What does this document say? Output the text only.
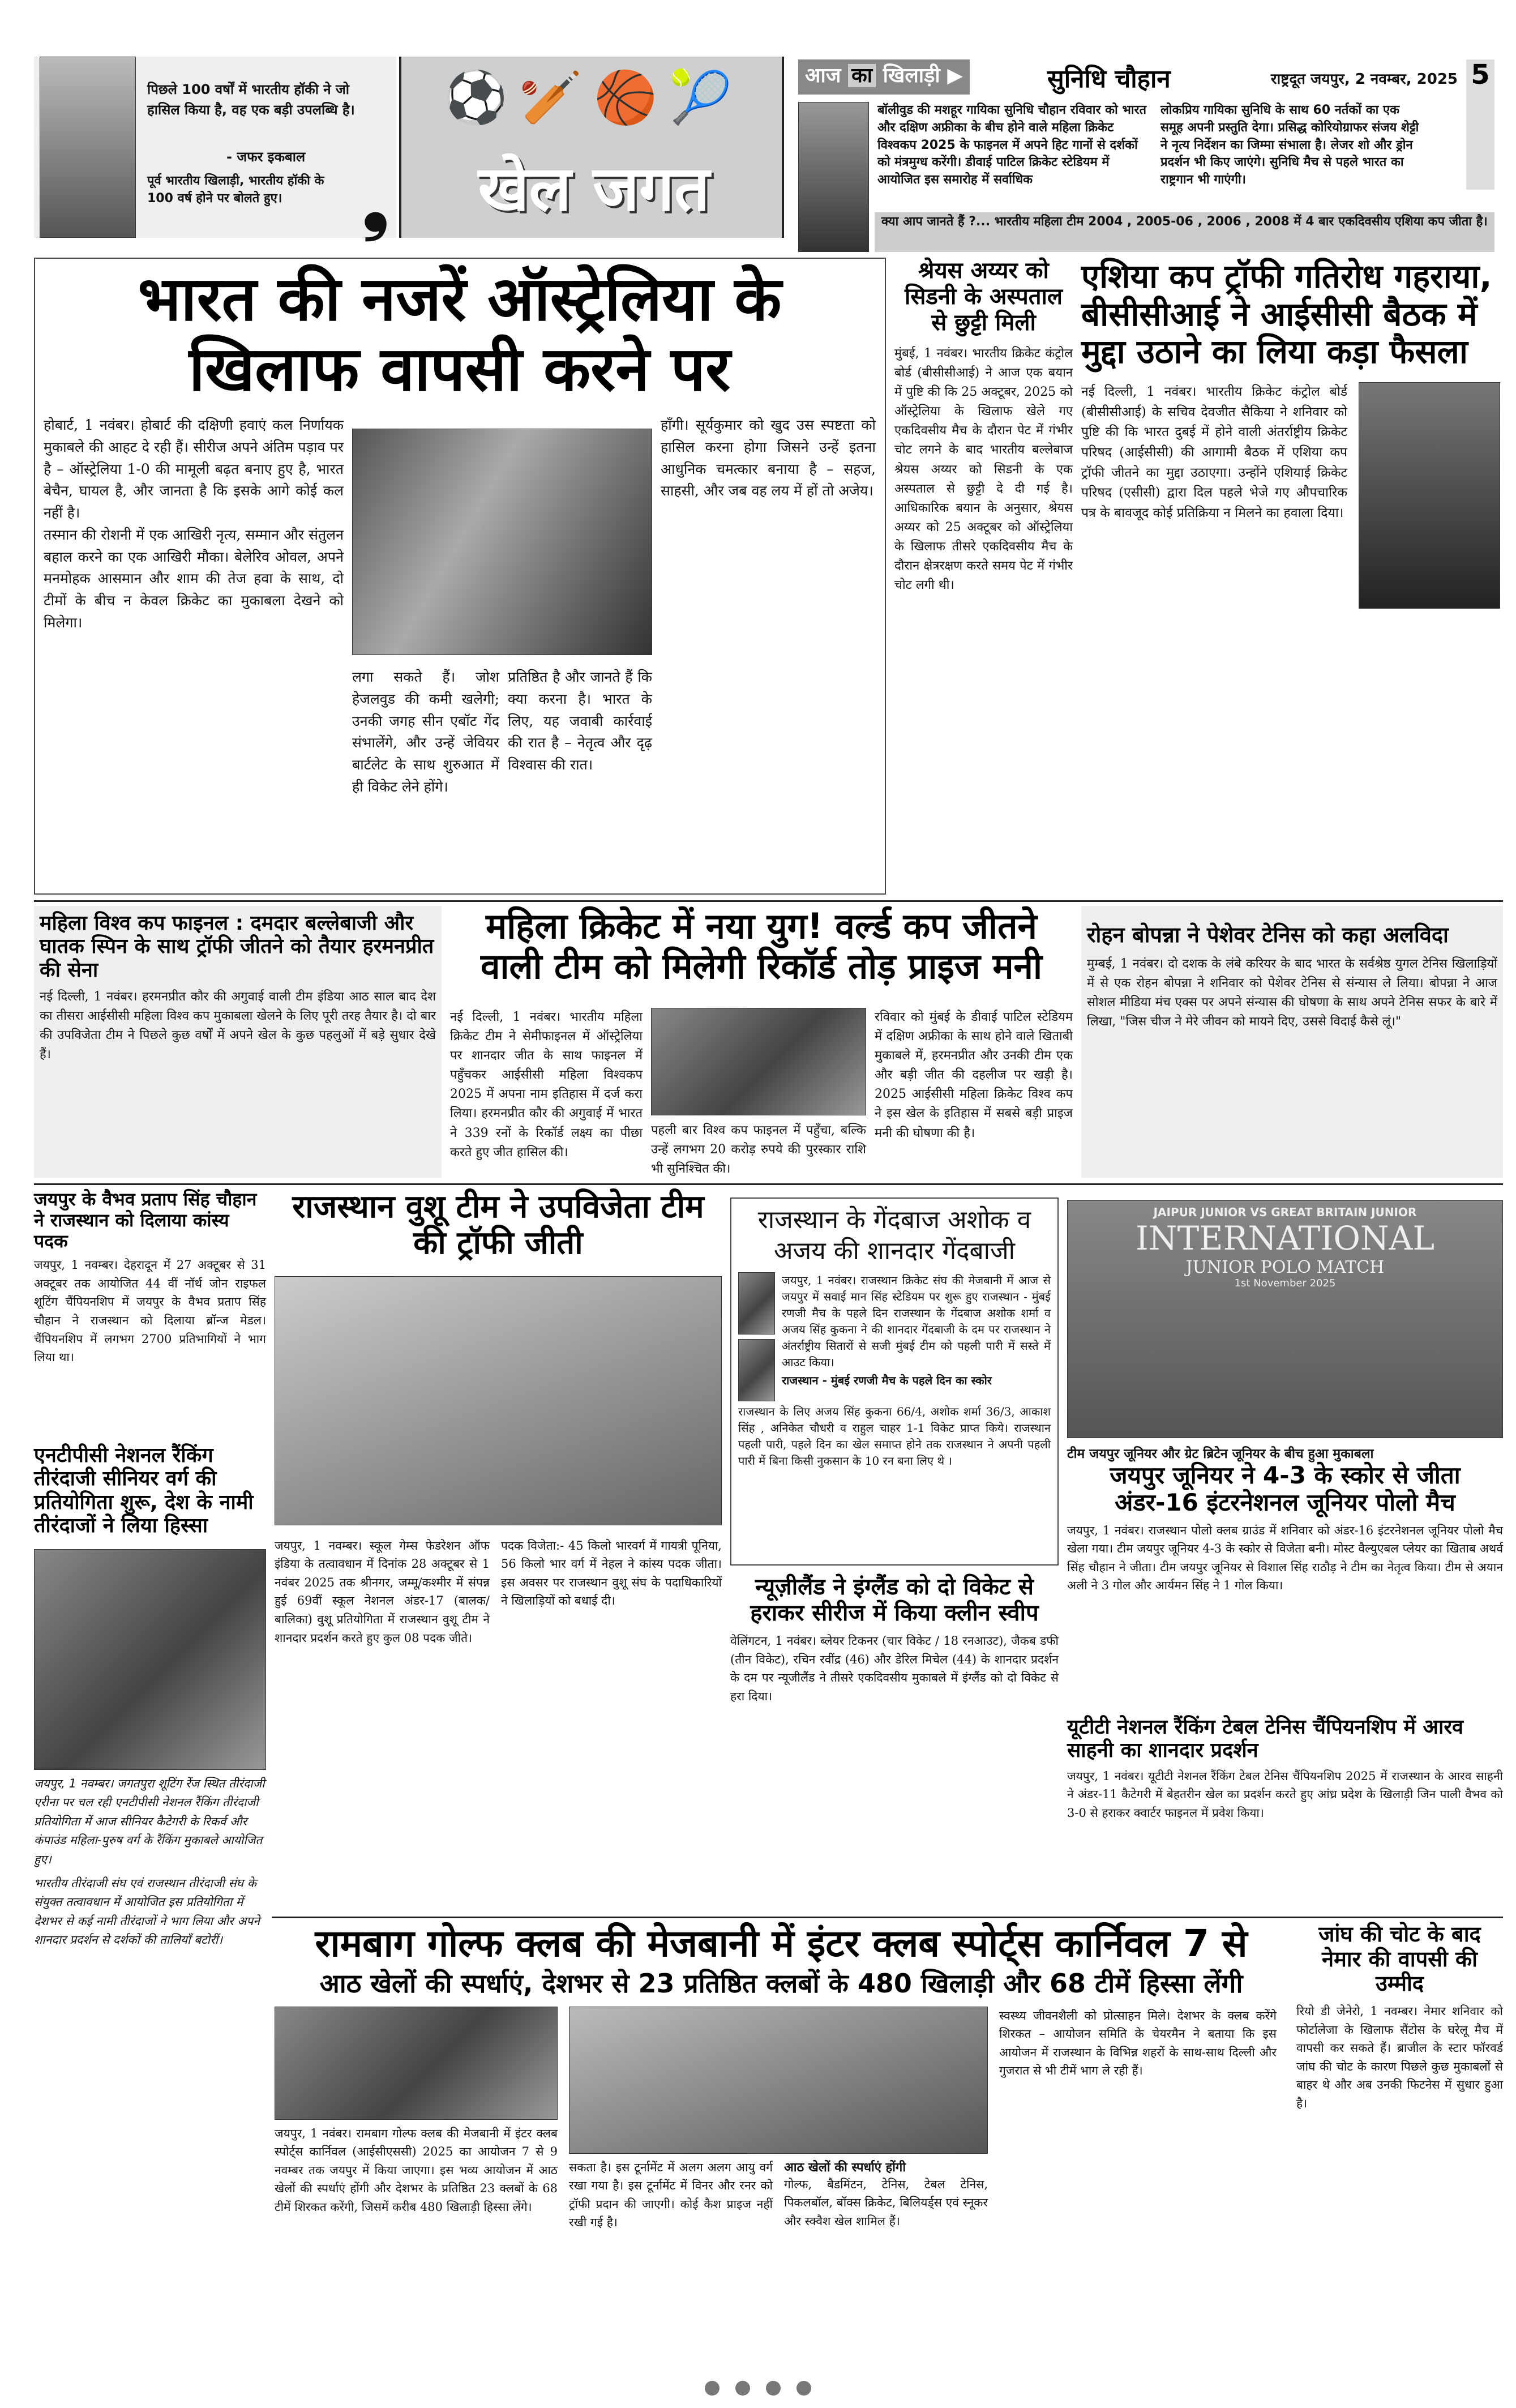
पिछले 100 वर्षों में भारतीय हॉकी ने जो हासिल किया है, वह एक बड़ी उपलब्धि है।
- जफर इकबाल
पूर्व भारतीय खिलाड़ी, भारतीय हॉकी के 100 वर्ष होने पर बोलते हुए।	❟
⚽🏏🏀🎾
खेल जगत
आज का खिलाड़ी ▶	सुनिधि चौहान	राष्ट्रदूत जयपुर, 2 नवम्बर, 2025 5
बॉलीवुड की मशहूर गायिका सुनिधि चौहान रविवार को भारत और दक्षिण अफ्रीका के बीच होने वाले महिला क्रिकेट विश्वकप 2025 के फाइनल में अपने हिट गानों से दर्शकों को मंत्रमुग्ध करेंगी। डीवाई पाटिल क्रिकेट स्टेडियम में आयोजित इस समारोह में सर्वाधिक
लोकप्रिय गायिका सुनिधि के साथ 60 नर्तकों का एक समूह अपनी प्रस्तुति देगा। प्रसिद्ध कोरियोग्राफर संजय शेट्टी ने नृत्य निर्देशन का जिम्मा संभाला है। लेजर शो और ड्रोन प्रदर्शन भी किए जाएंगे। सुनिधि मैच से पहले भारत का राष्ट्रगान भी गाएंगी।
क्या आप जानते हैं ?... भारतीय महिला टीम 2004 , 2005-06 , 2006 , 2008 में 4 बार एकदिवसीय एशिया कप जीता है।
भारत की नजरें ऑस्ट्रेलिया के खिलाफ वापसी करने पर

होबार्ट, 1 नवंबर। होबार्ट की दक्षिणी हवाएं कल निर्णायक मुकाबले की आहट दे रही हैं। सीरीज अपने अंतिम पड़ाव पर है – ऑस्ट्रेलिया 1-0 की मामूली बढ़त बनाए हुए है, भारत बेचैन, घायल है, और जानता है कि इसके आगे कोई कल नहीं है।

तस्मान की रोशनी में एक आखिरी नृत्य, सम्मान और संतुलन बहाल करने का एक आखिरी मौका। बेलेरिव ओवल, अपने मनमोहक आसमान और शाम की तेज हवा के साथ, दो टीमों के बीच न केवल क्रिकेट का मुकाबला देखने को मिलेगा।

हाँगी। सूर्यकुमार को खुद उस स्पष्टता को हासिल करना होगा जिसने उन्हें इतना आधुनिक चमत्कार बनाया है – सहज, साहसी, और जब वह लय में हों तो अजेय।
लगा सकते हैं। जोश हेजलवुड की कमी खलेगी; उनकी जगह सीन एबॉट गेंद संभालेंगे, और उन्हें जेवियर बार्टलेट के साथ शुरुआत में ही विकेट लेने होंगे।
प्रतिष्ठित है और जानते हैं कि क्या करना है। भारत के लिए, यह जवाबी कार्रवाई की रात है – नेतृत्व और दृढ़ विश्वास की रात।
श्रेयस अय्यर को सिडनी के अस्पताल से छुट्टी मिली
मुंबई, 1 नवंबर। भारतीय क्रिकेट कंट्रोल बोर्ड (बीसीसीआई) ने आज एक बयान में पुष्टि की कि 25 अक्टूबर, 2025 को ऑस्ट्रेलिया के खिलाफ खेले गए एकदिवसीय मैच के दौरान पेट में गंभीर चोट लगने के बाद भारतीय बल्लेबाज श्रेयस अय्यर को सिडनी के एक अस्पताल से छुट्टी दे दी गई है। आधिकारिक बयान के अनुसार, श्रेयस अय्यर को 25 अक्टूबर को ऑस्ट्रेलिया के खिलाफ तीसरे एकदिवसीय मैच के दौरान क्षेत्ररक्षण करते समय पेट में गंभीर चोट लगी थी।
एशिया कप ट्रॉफी गतिरोध गहराया, बीसीसीआई ने आईसीसी बैठक में मुद्दा उठाने का लिया कड़ा फैसला
नई दिल्ली, 1 नवंबर। भारतीय क्रिकेट कंट्रोल बोर्ड (बीसीसीआई) के सचिव देवजीत सैकिया ने शनिवार को पुष्टि की कि भारत दुबई में होने वाली अंतर्राष्ट्रीय क्रिकेट परिषद (आईसीसी) की आगामी बैठक में एशिया कप ट्रॉफी जीतने का मुद्दा उठाएगा। उन्होंने एशियाई क्रिकेट परिषद (एसीसी) द्वारा दिल पहले भेजे गए औपचारिक पत्र के बावजूद कोई प्रतिक्रिया न मिलने का हवाला दिया।
महिला विश्व कप फाइनल : दमदार बल्लेबाजी और घातक स्पिन के साथ ट्रॉफी जीतने को तैयार हरमनप्रीत की सेना
नई दिल्ली, 1 नवंबर। हरमनप्रीत कौर की अगुवाई वाली टीम इंडिया आठ साल बाद देश का तीसरा आईसीसी महिला विश्व कप मुकाबला खेलने के लिए पूरी तरह तैयार है। दो बार की उपविजेता टीम ने पिछले कुछ वर्षों में अपने खेल के कुछ पहलुओं में बड़े सुधार देखे हैं।
महिला क्रिकेट में नया युग! वर्ल्ड कप जीतने वाली टीम को मिलेगी रिकॉर्ड तोड़ प्राइज मनी
नई दिल्ली, 1 नवंबर। भारतीय महिला क्रिकेट टीम ने सेमीफाइनल में ऑस्ट्रेलिया पर शानदार जीत के साथ फाइनल में पहुँचकर आईसीसी महिला विश्वकप 2025 में अपना नाम इतिहास में दर्ज करा लिया। हरमनप्रीत कौर की अगुवाई में भारत ने 339 रनों के रिकॉर्ड लक्ष्य का पीछा करते हुए जीत हासिल की।
पहली बार विश्व कप फाइनल में पहुँचा, बल्कि उन्हें लगभग 20 करोड़ रुपये की पुरस्कार राशि भी सुनिश्चित की।
रविवार को मुंबई के डीवाई पाटिल स्टेडियम में दक्षिण अफ्रीका के साथ होने वाले खिताबी मुकाबले में, हरमनप्रीत और उनकी टीम एक और बड़ी जीत की दहलीज पर खड़ी है। 2025 आईसीसी महिला क्रिकेट विश्व कप ने इस खेल के इतिहास में सबसे बड़ी प्राइज मनी की घोषणा की है।
रोहन बोपन्ना ने पेशेवर टेनिस को कहा अलविदा
मुम्बई, 1 नवंबर। दो दशक के लंबे करियर के बाद भारत के सर्वश्रेष्ठ युगल टेनिस खिलाड़ियों में से एक रोहन बोपन्ना ने शनिवार को पेशेवर टेनिस से संन्यास ले लिया। बोपन्ना ने आज सोशल मीडिया मंच एक्स पर अपने संन्यास की घोषणा के साथ अपने टेनिस सफर के बारे में लिखा, "जिस चीज ने मेरे जीवन को मायने दिए, उससे विदाई कैसे लूं।"
जयपुर के वैभव प्रताप सिंह चौहान ने राजस्थान को दिलाया कांस्य पदक
जयपुर, 1 नवम्बर। देहरादून में 27 अक्टूबर से 31 अक्टूबर तक आयोजित 44 वीं नॉर्थ जोन राइफल शूटिंग चैंपियनशिप में जयपुर के वैभव प्रताप सिंह चौहान ने राजस्थान को दिलाया ब्रॉन्ज मेडल। चैंपियनशिप में लगभग 2700 प्रतिभागियों ने भाग लिया था।
एनटीपीसी नेशनल रैंकिंग तीरंदाजी सीनियर वर्ग की प्रतियोगिता शुरू, देश के नामी तीरंदाजों ने लिया हिस्सा
जयपुर, 1 नवम्बर। जगतपुरा शूटिंग रेंज स्थित तीरंदाजी एरीना पर चल रही एनटीपीसी नेशनल रैंकिंग तीरंदाजी प्रतियोगिता में आज सीनियर कैटेगरी के रिकर्व और कंपाउंड महिला-पुरुष वर्ग के रैंकिंग मुकाबले आयोजित हुए।
भारतीय तीरंदाजी संघ एवं राजस्थान तीरंदाजी संघ के संयुक्त तत्वावधान में आयोजित इस प्रतियोगिता में देशभर से कई नामी तीरंदाजों ने भाग लिया और अपने शानदार प्रदर्शन से दर्शकों की तालियाँ बटोरीं।
राजस्थान वुशू टीम ने उपविजेता टीम की ट्रॉफी जीती
जयपुर, 1 नवम्बर। स्कूल गेम्स फेडरेशन ऑफ इंडिया के तत्वावधान में दिनांक 28 अक्टूबर से 1 नवंबर 2025 तक श्रीनगर, जम्मू/कश्मीर में संपन्न हुई 69वीं स्कूल नेशनल अंडर-17 (बालक/बालिका) वुशू प्रतियोगिता में राजस्थान वुशू टीम ने शानदार प्रदर्शन करते हुए कुल 08 पदक जीते।
पदक विजेता:- 45 किलो भारवर्ग में गायत्री पूनिया, 56 किलो भार वर्ग में नेहल ने कांस्य पदक जीता। इस अवसर पर राजस्थान वुशू संघ के पदाधिकारियों ने खिलाड़ियों को बधाई दी।
राजस्थान के गेंदबाज अशोक व अजय की शानदार गेंदबाजी
जयपुर, 1 नवंबर। राजस्थान क्रिकेट संघ की मेजबानी में आज से जयपुर में सवाई मान सिंह स्टेडियम पर शुरू हुए राजस्थान - मुंबई रणजी मैच के पहले दिन राजस्थान के गेंदबाज अशोक शर्मा व अजय सिंह कुकना ने की शानदार गेंदबाजी के दम पर राजस्थान ने अंतर्राष्ट्रीय सितारों से सजी मुंबई टीम को पहली पारी में सस्ते में आउट किया।
राजस्थान - मुंबई रणजी मैच के पहले दिन का स्कोर
राजस्थान के लिए अजय सिंह कुकना 66/4, अशोक शर्मा 36/3, आकाश सिंह , अनिकेत चौधरी व राहुल चाहर 1-1 विकेट प्राप्त किये। राजस्थान पहली पारी, पहले दिन का खेल समाप्त होने तक राजस्थान ने अपनी पहली पारी में बिना किसी नुकसान के 10 रन बना लिए थे ।
न्यूज़ीलैंड ने इंग्लैंड को दो विकेट से हराकर सीरीज में किया क्लीन स्वीप
वेलिंगटन, 1 नवंबर। ब्लेयर टिकनर (चार विकेट / 18 रनआउट), जैकब डफी (तीन विकेट), रचिन रवींद्र (46) और डेरिल मिचेल (44) के शानदार प्रदर्शन के दम पर न्यूजीलैंड ने तीसरे एकदिवसीय मुकाबले में इंग्लैंड को दो विकेट से हरा दिया।
JAIPUR JUNIOR VS GREAT BRITAIN JUNIOR
INTERNATIONAL
JUNIOR POLO MATCH
1st November 2025
टीम जयपुर जूनियर और ग्रेट ब्रिटेन जूनियर के बीच हुआ मुकाबला
जयपुर जूनियर ने 4-3 के स्कोर से जीता अंडर-16 इंटरनेशनल जूनियर पोलो मैच
जयपुर, 1 नवंबर। राजस्थान पोलो क्लब ग्राउंड में शनिवार को अंडर-16 इंटरनेशनल जूनियर पोलो मैच खेला गया। टीम जयपुर जूनियर 4-3 के स्कोर से विजेता बनी। मोस्ट वैल्युएबल प्लेयर का खिताब अथर्व सिंह चौहान ने जीता। टीम जयपुर जूनियर से विशाल सिंह राठौड़ ने टीम का नेतृत्व किया। टीम से अयान अली ने 3 गोल और आर्यमन सिंह ने 1 गोल किया।
यूटीटी नेशनल रैंकिंग टेबल टेनिस चैंपियनशिप में आरव साहनी का शानदार प्रदर्शन
जयपुर, 1 नवंबर। यूटीटी नेशनल रैंकिंग टेबल टेनिस चैंपियनशिप 2025 में राजस्थान के आरव साहनी ने अंडर-11 कैटेगरी में बेहतरीन खेल का प्रदर्शन करते हुए आंध्र प्रदेश के खिलाड़ी जिन पाली वैभव को 3-0 से हराकर क्वार्टर फाइनल में प्रवेश किया।
रामबाग गोल्फ क्लब की मेजबानी में इंटर क्लब स्पोर्ट्स कार्निवल 7 से
आठ खेलों की स्पर्धाएं, देशभर से 23 प्रतिष्ठित क्लबों के 480 खिलाड़ी और 68 टीमें हिस्सा लेंगी
जयपुर, 1 नवंबर। रामबाग गोल्फ क्लब की मेजबानी में इंटर क्लब स्पोर्ट्स कार्निवल (आईसीएससी) 2025 का आयोजन 7 से 9 नवम्बर तक जयपुर में किया जाएगा। इस भव्य आयोजन में आठ खेलों की स्पर्धाएं होंगी और देशभर के प्रतिष्ठित 23 क्लबों के 68 टीमें शिरकत करेंगी, जिसमें करीब 480 खिलाड़ी हिस्सा लेंगे।
सकता है। इस टूर्नामेंट में अलग अलग आयु वर्ग रखा गया है। इस टूर्नामेंट में विनर और रनर को ट्रॉफी प्रदान की जाएगी। कोई कैश प्राइज नहीं रखी गई है।
आठ खेलों की स्पर्धाएं होंगी
गोल्फ, बैडमिंटन, टेनिस, टेबल टेनिस, पिकलबॉल, बॉक्स क्रिकेट, बिलियर्ड्स एवं स्नूकर और स्क्वैश खेल शामिल हैं।
स्वस्थ्य जीवनशैली को प्रोत्साहन मिले। देशभर के क्लब करेंगे शिरकत – आयोजन समिति के चेयरमैन ने बताया कि इस आयोजन में राजस्थान के विभिन्न शहरों के साथ-साथ दिल्ली और गुजरात से भी टीमें भाग ले रही हैं।
जांघ की चोट के बाद नेमार की वापसी की उम्मीद
रियो डी जेनेरो, 1 नवम्बर। नेमार शनिवार को फोर्टालेजा के खिलाफ सैंटोस के घरेलू मैच में वापसी कर सकते हैं। ब्राजील के स्टार फॉरवर्ड जांघ की चोट के कारण पिछले कुछ मुकाबलों से बाहर थे और अब उनकी फिटनेस में सुधार हुआ है।
